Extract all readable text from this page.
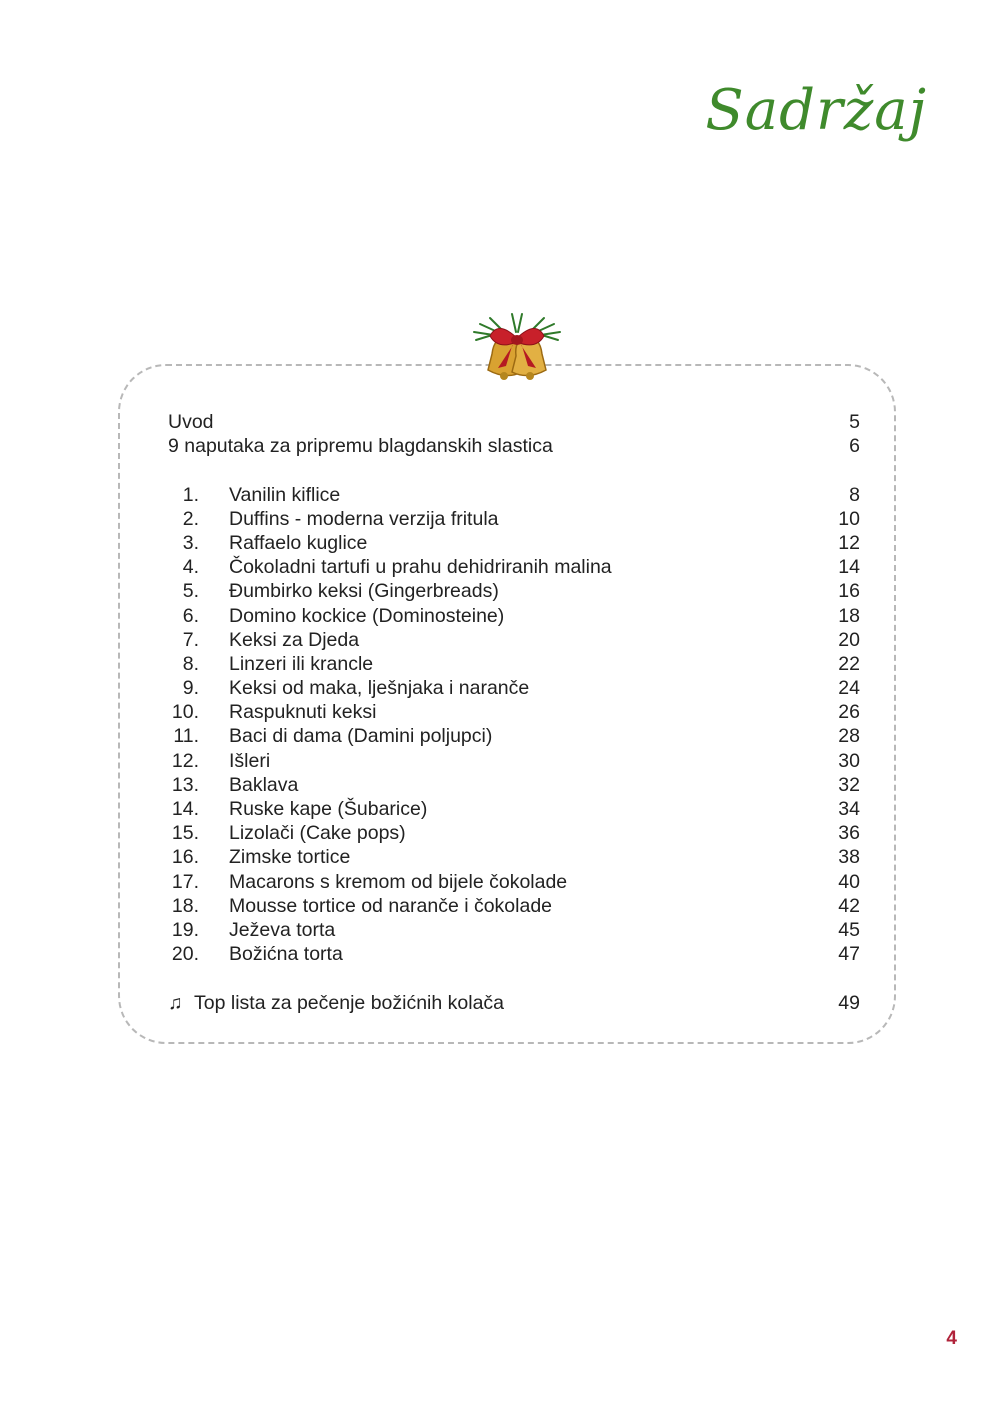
Sadržaj
Uvod	5
9 naputaka za pripremu blagdanskih slastica	6
1. Vanilin kiflice	8
2. Duffins - moderna verzija fritula	10
3. Raffaelo kuglice	12
4. Čokoladni tartufi u prahu dehidriranih malina	14
5. Đumbirko keksi (Gingerbreads)	16
6. Domino kockice (Dominosteine)	18
7. Keksi za Djeda	20
8. Linzeri ili krancle	22
9. Keksi od maka, lješnjaka i naranče	24
10. Raspuknuti keksi	26
11. Baci di dama (Damini poljupci)	28
12. Išleri	30
13. Baklava	32
14. Ruske kape (Šubarice)	34
15. Lizolači (Cake pops)	36
16. Zimske tortice	38
17. Macarons s kremom od bijele čokolade	40
18. Mousse tortice od naranče i čokolade	42
19. Ježeva torta	45
20. Božićna torta	47
♫ Top lista za pečenje božićnih kolača	49
4
